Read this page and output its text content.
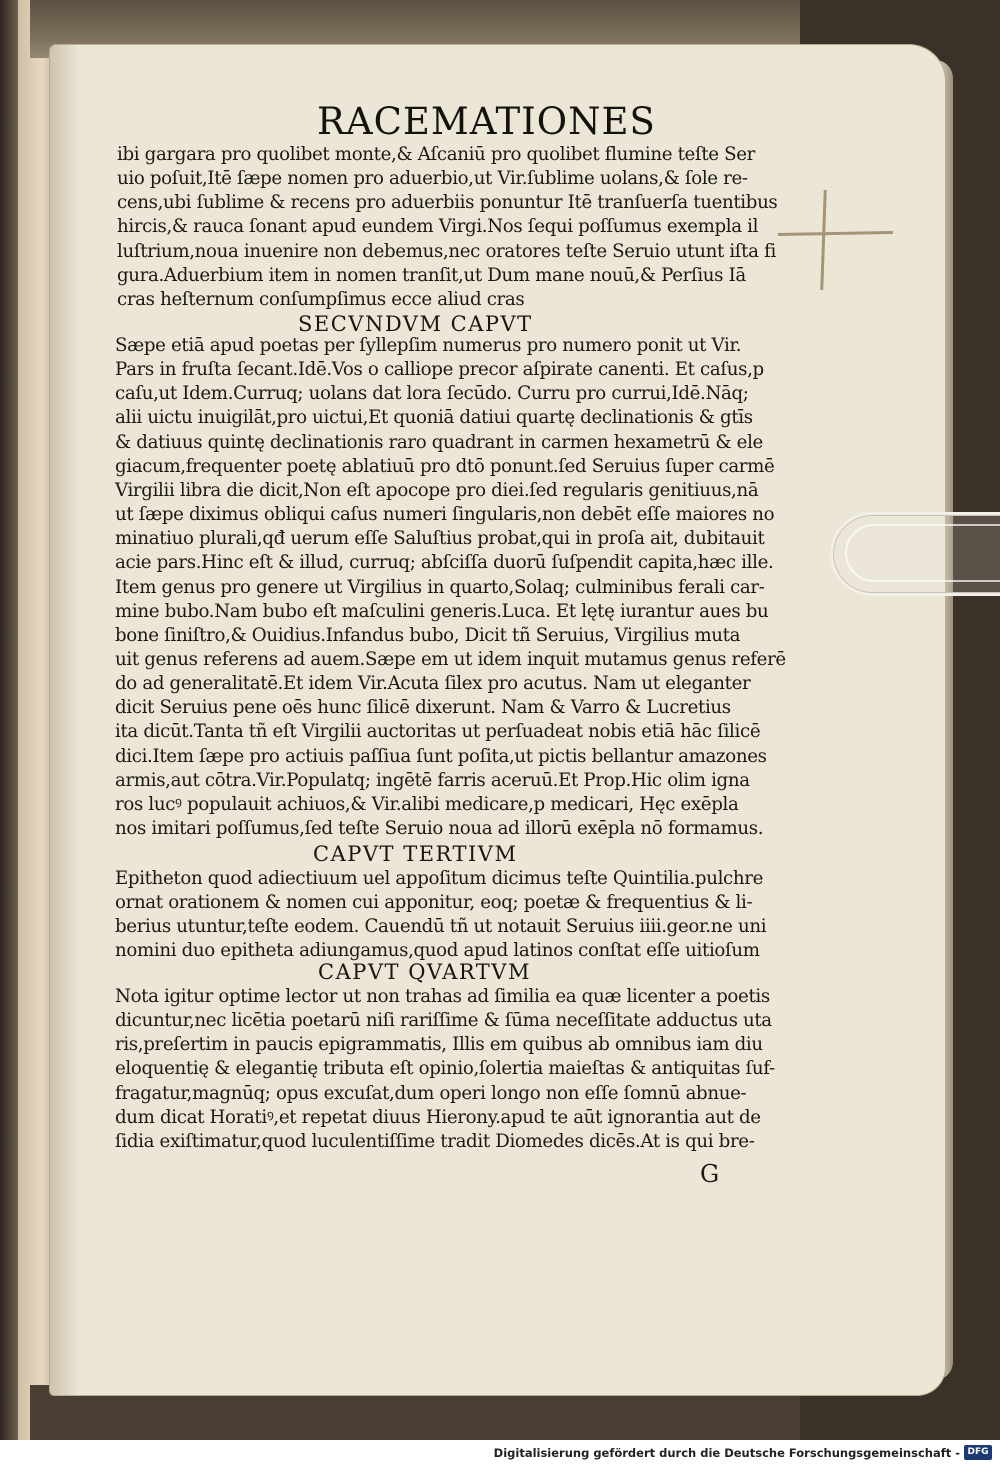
RACEMATIONES
G
ibi gargara pro quolibet monte,& Aſcaniū pro quolibet flumine teſte Ser
uio poſuit,Itē ſæpe nomen pro aduerbio,ut Vir.ſublime uolans,& ſole re-
cens,ubi ſublime & recens pro aduerbiis ponuntur Itē tranſuerſa tuentibus
hircis,& rauca ſonant apud eundem Virgi.Nos ſequi poſſumus exempla il
luſtrium,noua inuenire non debemus,nec oratores teſte Seruio utunt iſta fi
gura.Aduerbium item in nomen tranſit,ut Dum mane nouū,& Perſius Iā
cras heſternum conſumpſimus ecce aliud cras
SECVNDVM CAPVT
Sæpe etiā apud poetas per ſyllepſim numerus pro numero ponit ut Vir.
Pars in fruſta ſecant.Idē.Vos o calliope precor aſpirate canenti. Et caſus,p
caſu,ut Idem.Curruq; uolans dat lora ſecūdo. Curru pro currui,Idē.Nāq;
alii uictu inuigilāt,pro uictui,Et quoniā datiui quartę declinationis & gtīs
& datiuus quintę declinationis raro quadrant in carmen hexametrū & ele
giacum,frequenter poetę ablatiuū pro dtō ponunt.ſed Seruius ſuper carmē
Virgilii libra die dicit,Non eſt apocope pro diei.ſed regularis genitiuus,nā
ut ſæpe diximus obliqui caſus numeri ſingularis,non debēt eſſe maiores no
minatiuo plurali,qđ uerum eſſe Saluſtius probat,qui in proſa ait, dubitauit
acie pars.Hinc eſt & illud, curruq; abſciſſa duorū ſuſpendit capita,hæc ille.
Item genus pro genere ut Virgilius in quarto,Solaq; culminibus ferali car-
mine bubo.Nam bubo eſt maſculini generis.Luca. Et lętę iurantur aues bu
bone ſiniſtro,& Ouidius.Infandus bubo, Dicit tñ Seruius, Virgilius muta
uit genus referens ad auem.Sæpe em ut idem inquit mutamus genus referē
do ad generalitatē.Et idem Vir.Acuta ſilex pro acutus. Nam ut eleganter
dicit Seruius pene oēs hunc ſilicē dixerunt. Nam & Varro & Lucretius
ita dicūt.Tanta tñ eſt Virgilii auctoritas ut perſuadeat nobis etiā hāc ſilicē
dici.Item ſæpe pro actiuis paſſiua ſunt poſita,ut pictis bellantur amazones
armis,aut cōtra.Vir.Populatq; ingētē farris aceruū.Et Prop.Hic olim igna
ros lucꝰ populauit achiuos,& Vir.alibi medicare,p medicari, Hęc exēpla
nos imitari poſſumus,ſed teſte Seruio noua ad illorū exēpla nō formamus.
CAPVT TERTIVM
Epitheton quod adiectiuum uel appoſitum dicimus teſte Quintilia.pulchre
ornat orationem & nomen cui apponitur, eoq; poetæ & frequentius & li-
berius utuntur,teſte eodem. Cauendū tñ ut notauit Seruius iiii.geor.ne uni
nomini duo epitheta adiungamus,quod apud latinos conſtat eſſe uitioſum
CAPVT QVARTVM
Nota igitur optime lector ut non trahas ad ſimilia ea quæ licenter a poetis
dicuntur,nec licētia poetarū niſi rariſſime & ſūma neceſſitate adductus uta
ris,preſertim in paucis epigrammatis, Illis em quibus ab omnibus iam diu
eloquentię & elegantię tributa eſt opinio,ſolertia maieſtas & antiquitas ſuf-
fragatur,magnūq; opus excuſat,dum operi longo non eſſe ſomnū abnue-
dum dicat Horatiꝰ,et repetat diuus Hierony.apud te aūt ignorantia aut de
ſidia exiſtimatur,quod luculentiſſime tradit Diomedes dicēs.At is qui bre-
Digitalisierung gefördert durch die Deutsche Forschungsgemeinschaft - DFG
